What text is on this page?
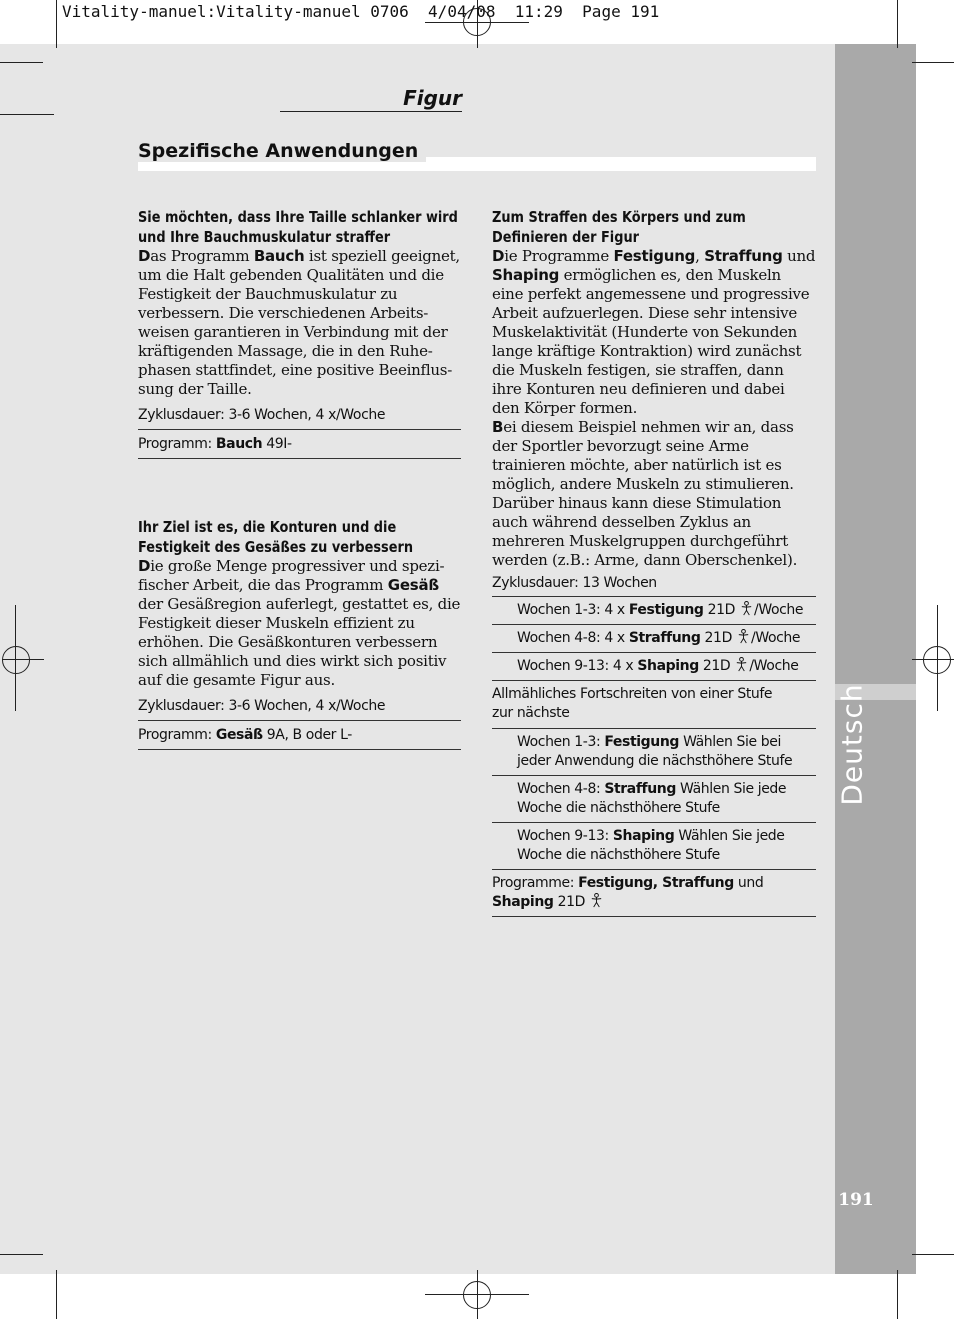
Vitality-manuel:Vitality-manuel 0706  4/04/08  11:29  Page 191
Figur
Spezifische Anwendungen
Deutsch
191
Sie möchten, dass Ihre Taille schlanker wird und Ihre Bauchmuskulatur straffer
Das Programm Bauch ist speziell geeignet, um die Halt gebenden Qualitäten und die Festigkeit der Bauchmuskulatur zu verbessern. Die verschiedenen Arbeits-weisen garantieren in Verbindung mit der kräftigenden Massage, die in den Ruhe-phasen stattfindet, eine positive Beeinflus-sung der Taille.
Zyklusdauer: 3-6 Wochen, 4 x/Woche
Programm: Bauch 49I-
Ihr Ziel ist es, die Konturen und die Festigkeit des Gesäßes zu verbessern
Die große Menge progressiver und spezi-fischer Arbeit, die das Programm Gesäß der Gesäßregion auferlegt, gestattet es, die Festigkeit dieser Muskeln effizient zu erhöhen. Die Gesäßkonturen verbessern sich allmählich und dies wirkt sich positiv auf die gesamte Figur aus.
Zyklusdauer: 3-6 Wochen, 4 x/Woche
Programm: Gesäß 9A, B oder L-
Zum Straffen des Körpers und zum Definieren der Figur
Die Programme Festigung, Straffung und Shaping ermöglichen es, den Muskeln eine perfekt angemessene und progressive Arbeit aufzuerlegen. Diese sehr intensive Muskelaktivität (Hunderte von Sekunden lange kräftige Kontraktion) wird zunächst die Muskeln festigen, sie straffen, dann ihre Konturen neu definieren und dabei den Körper formen.
Bei diesem Beispiel nehmen wir an, dass der Sportler bevorzugt seine Arme trainieren möchte, aber natürlich ist es möglich, andere Muskeln zu stimulieren. Darüber hinaus kann diese Stimulation auch während desselben Zyklus an mehreren Muskelgruppen durchgeführt werden (z.B.: Arme, dann Oberschenkel).
Zyklusdauer: 13 Wochen
Wochen 1-3: 4 x Festigung 21D /Woche
Wochen 4-8: 4 x Straffung 21D /Woche
Wochen 9-13: 4 x Shaping 21D /Woche
Allmähliches Fortschreiten von einer Stufe zur nächste
Wochen 1-3: Festigung Wählen Sie bei jeder Anwendung die nächsthöhere Stufe
Wochen 4-8: Straffung Wählen Sie jede Woche die nächsthöhere Stufe
Wochen 9-13: Shaping Wählen Sie jede Woche die nächsthöhere Stufe
Programme: Festigung, Straffung und Shaping 21D
